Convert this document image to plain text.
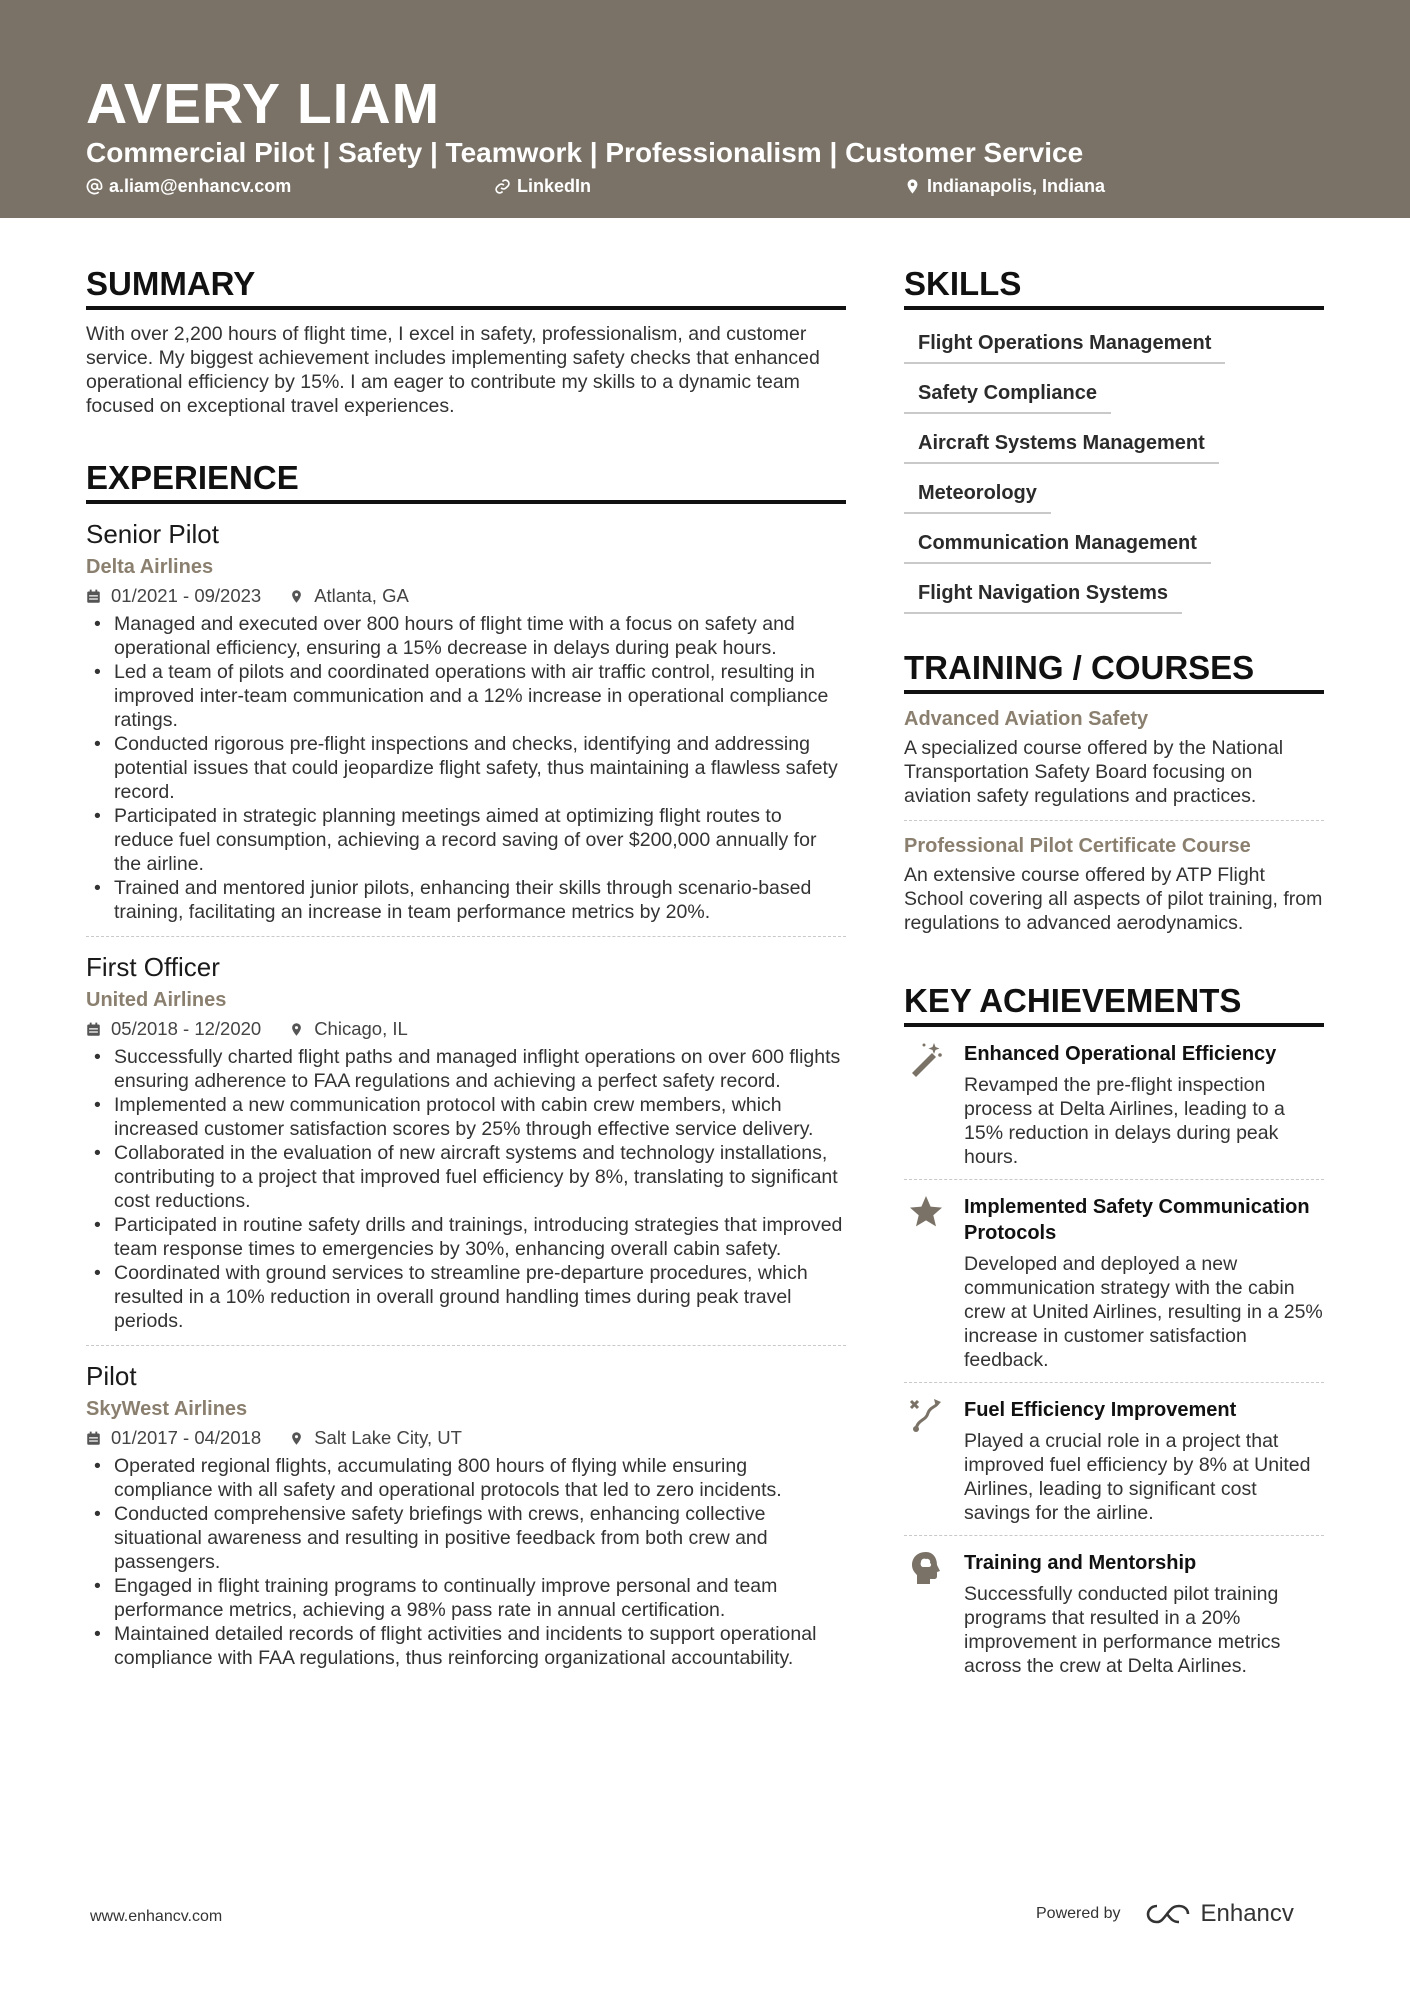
AVERY LIAM
Commercial Pilot | Safety | Teamwork | Professionalism | Customer Service
a.liam@enhancv.com	LinkedIn	Indianapolis, Indiana
SUMMARY
With over 2,200 hours of flight time, I excel in safety, professionalism, and customer service. My biggest achievement includes implementing safety checks that enhanced operational efficiency by 15%. I am eager to contribute my skills to a dynamic team focused on exceptional travel experiences.
EXPERIENCE
Senior Pilot
Delta Airlines
01/2021 - 09/2023	Atlanta, GA
• Managed and executed over 800 hours of flight time with a focus on safety and operational efficiency, ensuring a 15% decrease in delays during peak hours.
• Led a team of pilots and coordinated operations with air traffic control, resulting in improved inter-team communication and a 12% increase in operational compliance ratings.
• Conducted rigorous pre-flight inspections and checks, identifying and addressing potential issues that could jeopardize flight safety, thus maintaining a flawless safety record.
• Participated in strategic planning meetings aimed at optimizing flight routes to reduce fuel consumption, achieving a record saving of over $200,000 annually for the airline.
• Trained and mentored junior pilots, enhancing their skills through scenario-based training, facilitating an increase in team performance metrics by 20%.
First Officer
United Airlines
05/2018 - 12/2020	Chicago, IL
• Successfully charted flight paths and managed inflight operations on over 600 flights ensuring adherence to FAA regulations and achieving a perfect safety record.
• Implemented a new communication protocol with cabin crew members, which increased customer satisfaction scores by 25% through effective service delivery.
• Collaborated in the evaluation of new aircraft systems and technology installations, contributing to a project that improved fuel efficiency by 8%, translating to significant cost reductions.
• Participated in routine safety drills and trainings, introducing strategies that improved team response times to emergencies by 30%, enhancing overall cabin safety.
• Coordinated with ground services to streamline pre-departure procedures, which resulted in a 10% reduction in overall ground handling times during peak travel periods.
Pilot
SkyWest Airlines
01/2017 - 04/2018	Salt Lake City, UT
• Operated regional flights, accumulating 800 hours of flying while ensuring compliance with all safety and operational protocols that led to zero incidents.
• Conducted comprehensive safety briefings with crews, enhancing collective situational awareness and resulting in positive feedback from both crew and passengers.
• Engaged in flight training programs to continually improve personal and team performance metrics, achieving a 98% pass rate in annual certification.
• Maintained detailed records of flight activities and incidents to support operational compliance with FAA regulations, thus reinforcing organizational accountability.
SKILLS
Flight Operations Management
Safety Compliance
Aircraft Systems Management
Meteorology
Communication Management
Flight Navigation Systems
TRAINING / COURSES
Advanced Aviation Safety
A specialized course offered by the National Transportation Safety Board focusing on aviation safety regulations and practices.
Professional Pilot Certificate Course
An extensive course offered by ATP Flight School covering all aspects of pilot training, from regulations to advanced aerodynamics.
KEY ACHIEVEMENTS
Enhanced Operational Efficiency
Revamped the pre-flight inspection process at Delta Airlines, leading to a 15% reduction in delays during peak hours.
Implemented Safety Communication Protocols
Developed and deployed a new communication strategy with the cabin crew at United Airlines, resulting in a 25% increase in customer satisfaction feedback.
Fuel Efficiency Improvement
Played a crucial role in a project that improved fuel efficiency by 8% at United Airlines, leading to significant cost savings for the airline.
Training and Mentorship
Successfully conducted pilot training programs that resulted in a 20% improvement in performance metrics across the crew at Delta Airlines.
www.enhancv.com	Powered by	Enhancv
